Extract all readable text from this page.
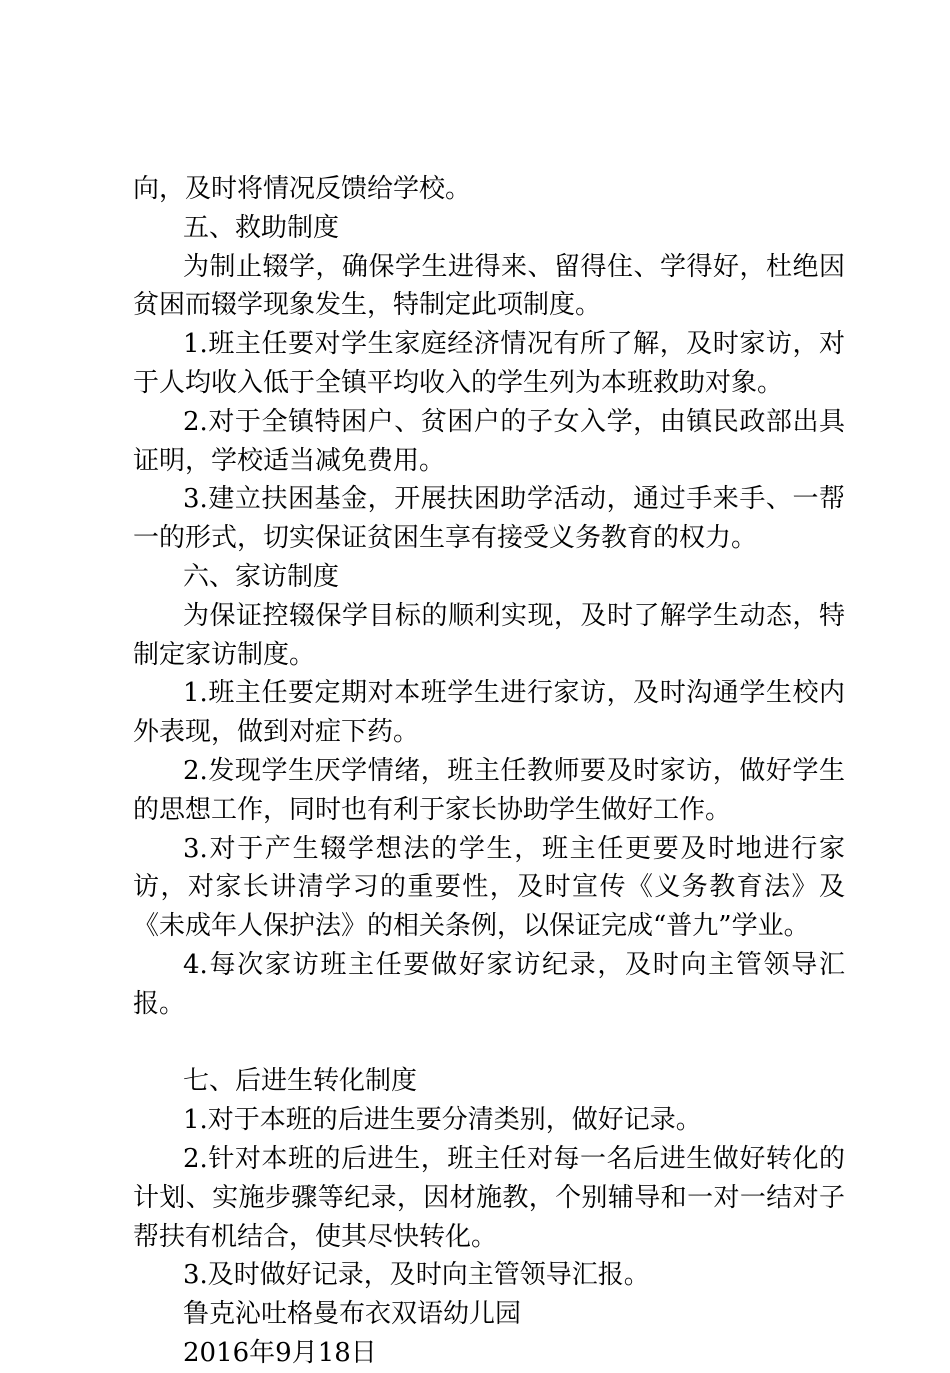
向，及时将情况反馈给学校。

五、救助制度

为制止辍学，确保学生进得来、留得住、学得好，杜绝因贫困而辍学现象发生，特制定此项制度。

1.班主任要对学生家庭经济情况有所了解，及时家访，对于人均收入低于全镇平均收入的学生列为本班救助对象。

2.对于全镇特困户、贫困户的子女入学，由镇民政部出具证明，学校适当减免费用。

3.建立扶困基金，开展扶困助学活动，通过手来手、一帮一的形式，切实保证贫困生享有接受义务教育的权力。

六、家访制度

为保证控辍保学目标的顺利实现，及时了解学生动态，特制定家访制度。

1.班主任要定期对本班学生进行家访，及时沟通学生校内外表现，做到对症下药。

2.发现学生厌学情绪，班主任教师要及时家访，做好学生的思想工作，同时也有利于家长协助学生做好工作。

3.对于产生辍学想法的学生，班主任更要及时地进行家访，对家长讲清学习的重要性，及时宣传《义务教育法》及《未成年人保护法》的相关条例，以保证完成“普九”学业。

4.每次家访班主任要做好家访纪录，及时向主管领导汇报。

七、后进生转化制度

1.对于本班的后进生要分清类别，做好记录。

2.针对本班的后进生，班主任对每一名后进生做好转化的计划、实施步骤等纪录，因材施教，个别辅导和一对一结对子帮扶有机结合，使其尽快转化。

3.及时做好记录，及时向主管领导汇报。

鲁克沁吐格曼布衣双语幼儿园

2016年9月18日
